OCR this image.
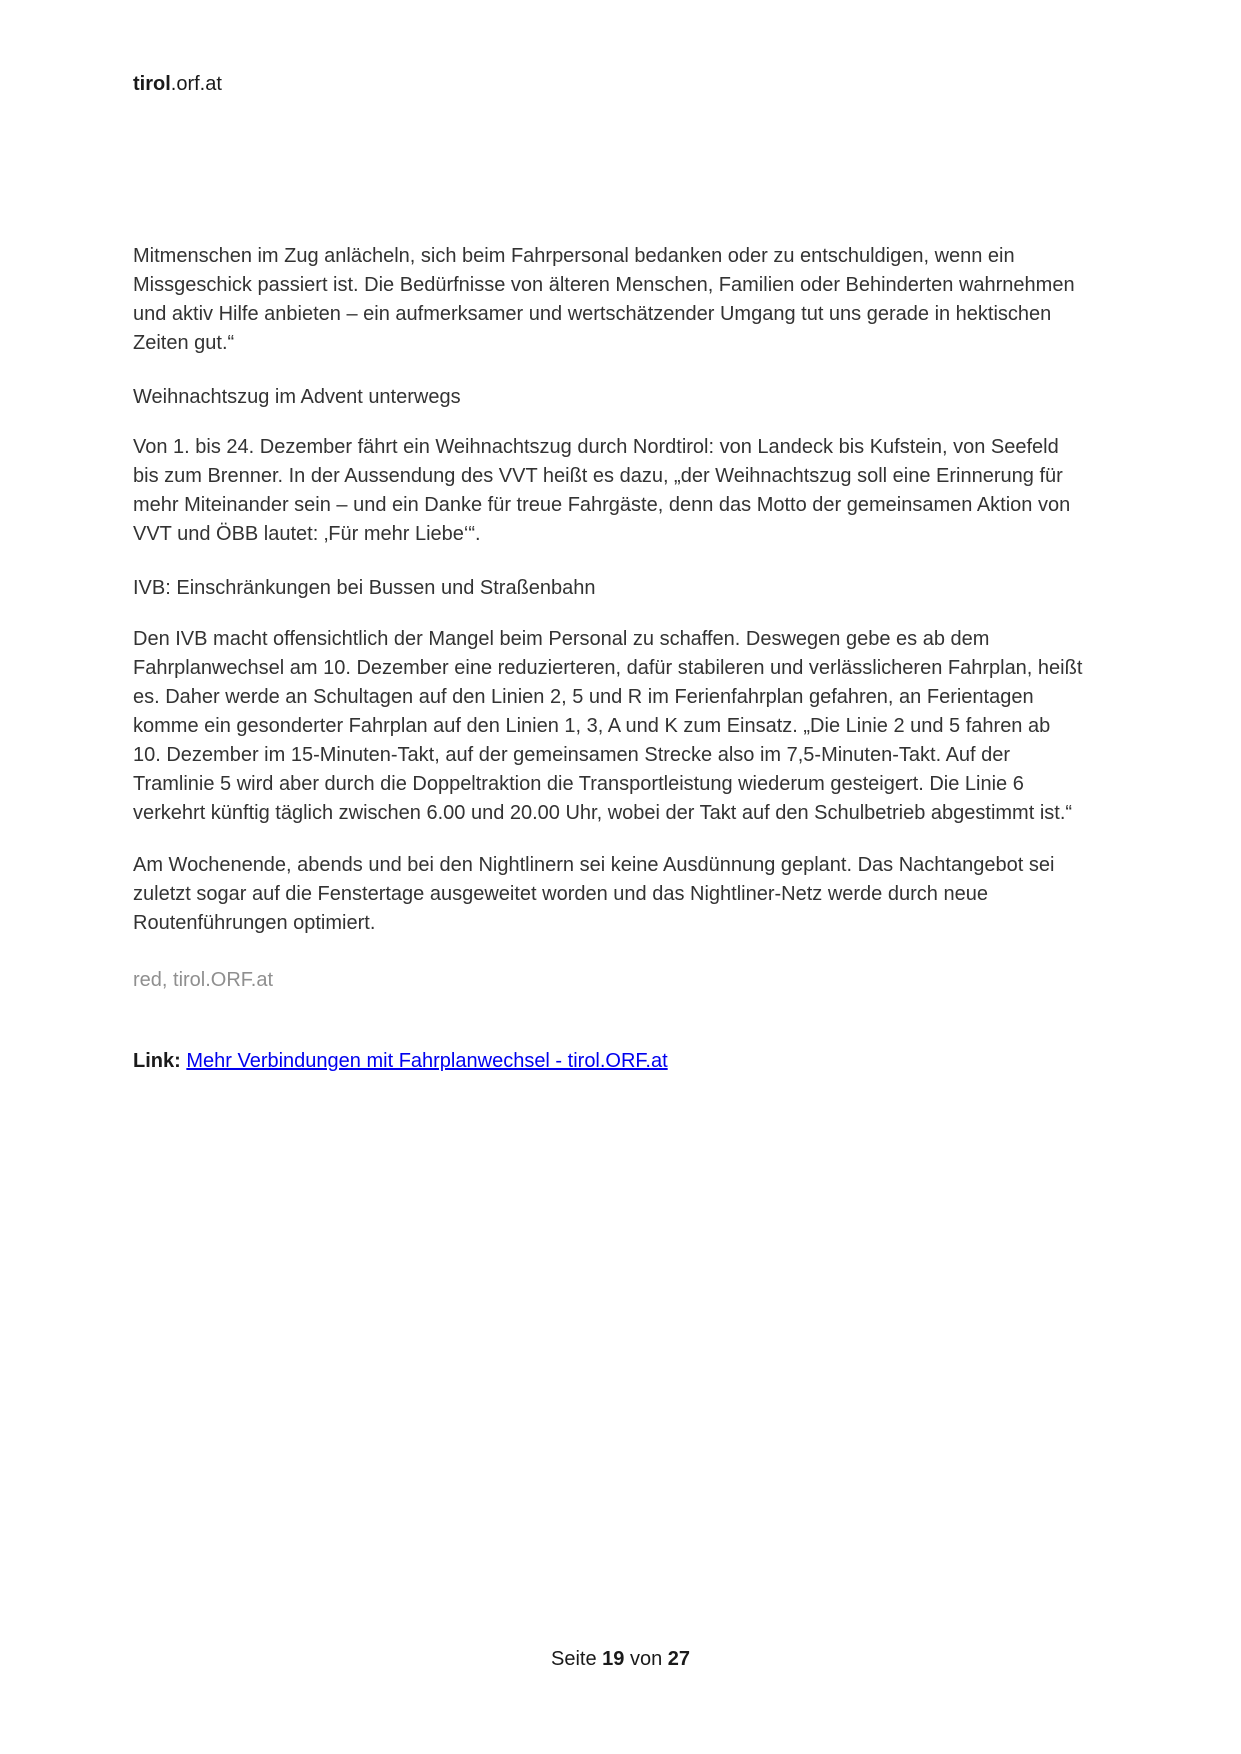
tirol.orf.at

Mitmenschen im Zug anlächeln, sich beim Fahrpersonal bedanken oder zu entschuldigen, wenn ein Missgeschick passiert ist. Die Bedürfnisse von älteren Menschen, Familien oder Behinderten wahrnehmen und aktiv Hilfe anbieten – ein aufmerksamer und wertschätzender Umgang tut uns gerade in hektischen Zeiten gut.“

Weihnachtszug im Advent unterwegs

Von 1. bis 24. Dezember fährt ein Weihnachtszug durch Nordtirol: von Landeck bis Kufstein, von Seefeld bis zum Brenner. In der Aussendung des VVT heißt es dazu, „der Weihnachtszug soll eine Erinnerung für mehr Miteinander sein – und ein Danke für treue Fahrgäste, denn das Motto der gemeinsamen Aktion von VVT und ÖBB lautet: ‚Für mehr Liebe‘“.

IVB: Einschränkungen bei Bussen und Straßenbahn

Den IVB macht offensichtlich der Mangel beim Personal zu schaffen. Deswegen gebe es ab dem Fahrplanwechsel am 10. Dezember eine reduzierteren, dafür stabileren und verlässlicheren Fahrplan, heißt es. Daher werde an Schultagen auf den Linien 2, 5 und R im Ferienfahrplan gefahren, an Ferientagen komme ein gesonderter Fahrplan auf den Linien 1, 3, A und K zum Einsatz. „Die Linie 2 und 5 fahren ab 10. Dezember im 15-Minuten-Takt, auf der gemeinsamen Strecke also im 7,5-Minuten-Takt. Auf der Tramlinie 5 wird aber durch die Doppeltraktion die Transportleistung wiederum gesteigert. Die Linie 6 verkehrt künftig täglich zwischen 6.00 und 20.00 Uhr, wobei der Takt auf den Schulbetrieb abgestimmt ist.“

Am Wochenende, abends und bei den Nightlinern sei keine Ausdünnung geplant. Das Nachtangebot sei zuletzt sogar auf die Fenstertage ausgeweitet worden und das Nightliner-Netz werde durch neue Routenführungen optimiert.

red, tirol.ORF.at

Link: Mehr Verbindungen mit Fahrplanwechsel - tirol.ORF.at

Seite 19 von 27
